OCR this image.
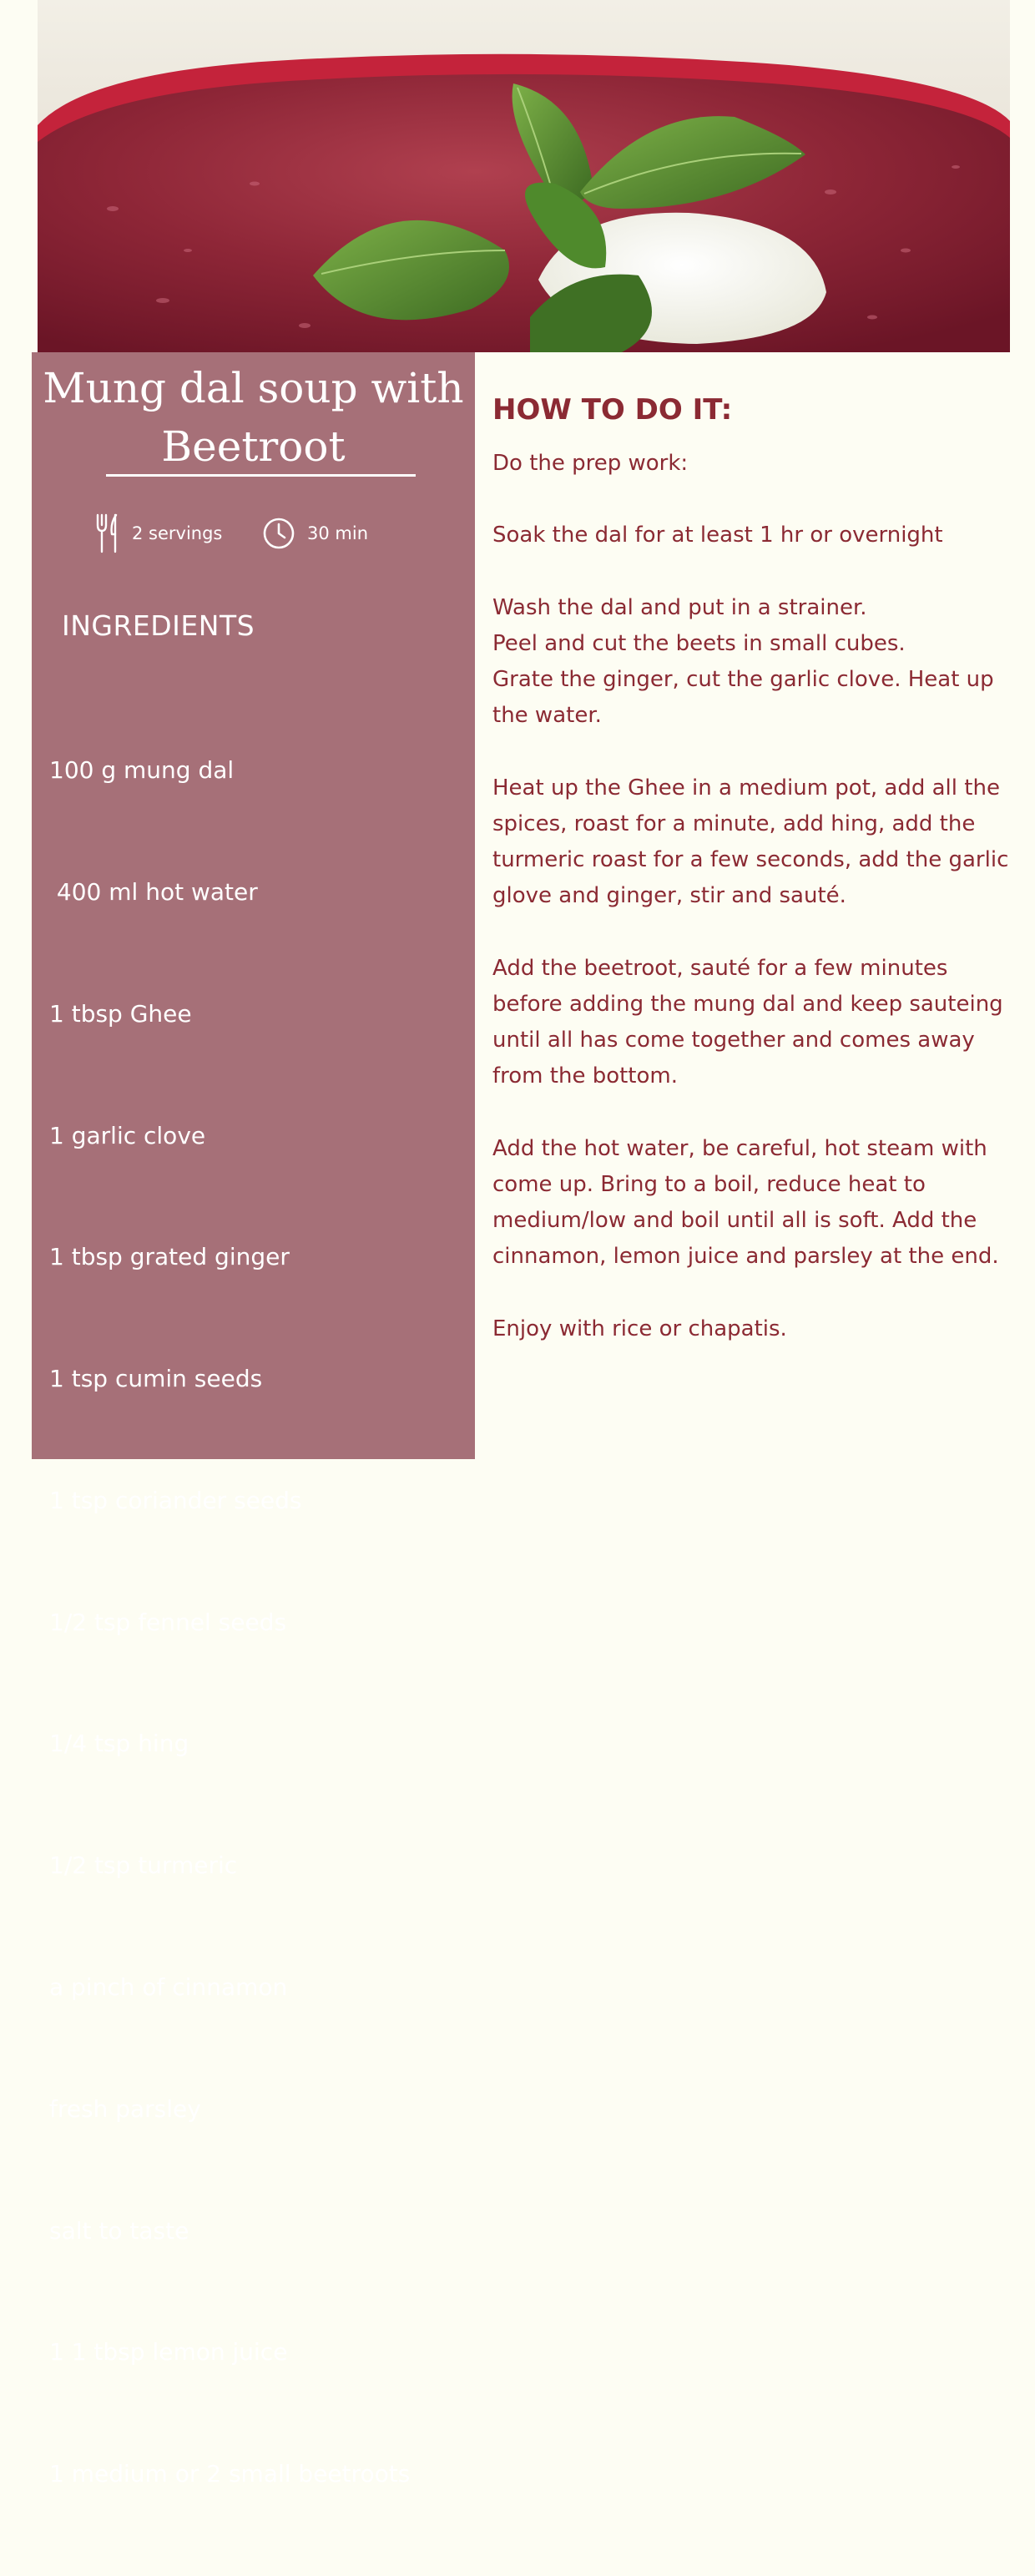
Mung dal soup with Beetroot
2 servings	30 min
INGREDIENTS

100 g mung dal

400 ml hot water

1 tbsp Ghee

1 garlic clove

1 tbsp grated ginger

1 tsp cumin seeds

1 tsp coriander seeds

1/2 tsp fennel seeds

1/4 tsp hing

1/2 tsp turmeric

a pinch of cinnamon

fresh parsley

salt to taste

1 1 tbsp lemon juice

1 medium or 2 small beetroots

HOW TO DO IT:

Do the prep work:

Soak the dal for at least 1 hr or overnight

Wash the dal and put in a strainer.
Peel and cut the beets in small cubes.
Grate the ginger, cut the garlic clove. Heat up the water.

Heat up the Ghee in a medium pot, add all the spices, roast for a minute, add hing, add the turmeric roast for a few seconds, add the garlic glove and ginger, stir and sauté.

Add the beetroot, sauté for a few minutes before adding the mung dal and keep sauteing until all has come together and comes away from the bottom.

Add the hot water, be careful, hot steam with come up. Bring to a boil, reduce heat to medium/low and boil until all is soft. Add the cinnamon, lemon juice and parsley at the end.

Enjoy with rice or chapatis.
